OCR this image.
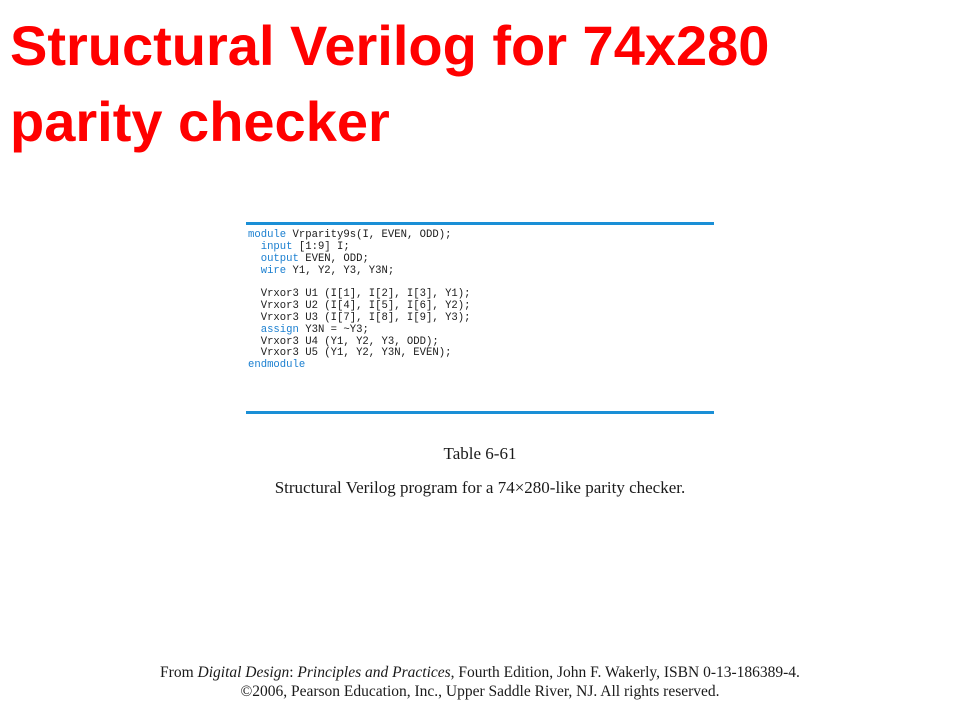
Structural Verilog for 74x280
parity checker
module Vrparity9s(I, EVEN, ODD);
input [1:9] I;
output EVEN, ODD;
wire Y1, Y2, Y3, Y3N;
Vrxor3 U1 (I[1], I[2], I[3], Y1);
Vrxor3 U2 (I[4], I[5], I[6], Y2);
Vrxor3 U3 (I[7], I[8], I[9], Y3);
assign Y3N = ~Y3;
Vrxor3 U4 (Y1, Y2, Y3, ODD);
Vrxor3 U5 (Y1, Y2, Y3N, EVEN);
endmodule
Table 6-61
Structural Verilog program for a 74×280-like parity checker.
From Digital Design: Principles and Practices, Fourth Edition, John F. Wakerly, ISBN 0-13-186389-4.
©2006, Pearson Education, Inc., Upper Saddle River, NJ. All rights reserved.
